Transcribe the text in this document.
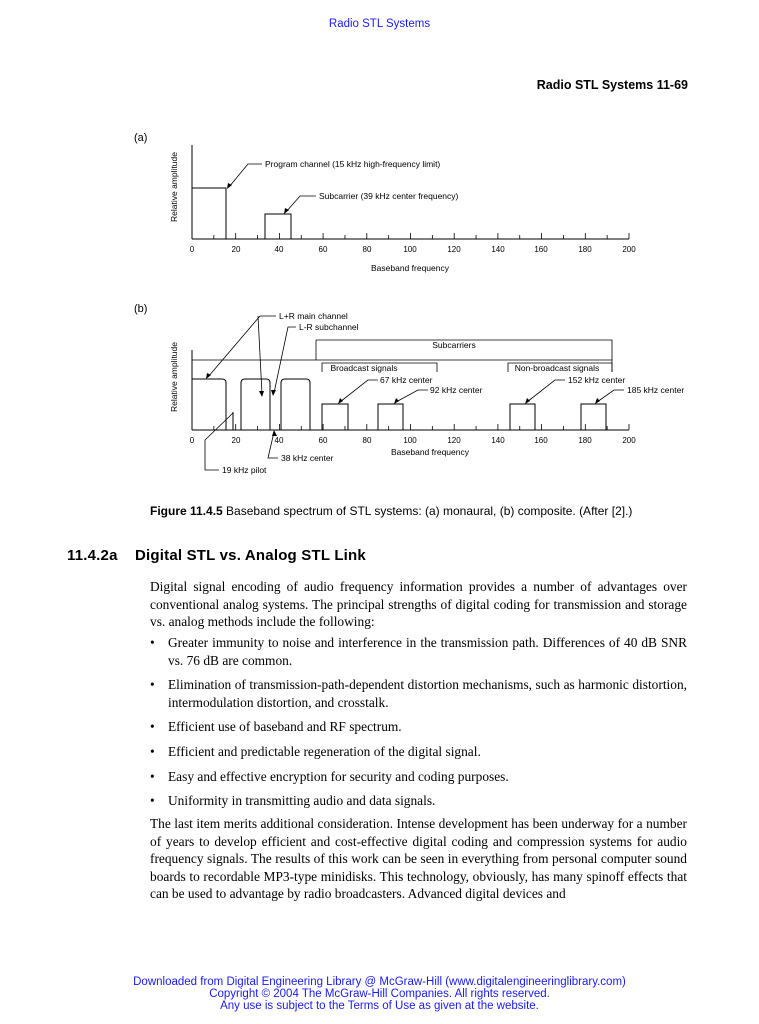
Radio STL Systems
Radio STL Systems 11-69
(a)
Relative amplitude
0	20	40	60	80	100	120	140	160	180	200
Baseband frequency
Program channel (15 kHz high-frequency limit)
Subcarrier (39 kHz center frequency)
(b)
Relative amplitude	Subcarriers
Broadcast signals	Non-broadcast signals
0	20	40	60	80	100	120	140	160	180	200
Baseband frequency
L+R main channel
L-R subchannel
67 kHz center
92 kHz center
152 kHz center
185 kHz center
38 kHz center
19 kHz pilot
Figure 11.4.5 Baseband spectrum of STL systems: (a) monaural, (b) composite. (After [2].)
11.4.2a Digital STL vs. Analog STL Link
Digital signal encoding of audio frequency information provides a number of advantages over conventional analog systems. The principal strengths of digital coding for transmission and storage vs. analog methods include the following:
• Greater immunity to noise and interference in the transmission path. Differences of 40 dB SNR vs. 76 dB are common.
• Elimination of transmission-path-dependent distortion mechanisms, such as harmonic distortion, intermodulation distortion, and crosstalk.
• Efficient use of baseband and RF spectrum.
• Efficient and predictable regeneration of the digital signal.
• Easy and effective encryption for security and coding purposes.
• Uniformity in transmitting audio and data signals.
The last item merits additional consideration. Intense development has been underway for a number of years to develop efficient and cost-effective digital coding and compression systems for audio frequency signals. The results of this work can be seen in everything from personal computer sound boards to recordable MP3-type minidisks. This technology, obviously, has many spinoff effects that can be used to advantage by radio broadcasters. Advanced digital devices and
Downloaded from Digital Engineering Library @ McGraw-Hill (www.digitalengineeringlibrary.com)
Copyright © 2004 The McGraw-Hill Companies. All rights reserved.
Any use is subject to the Terms of Use as given at the website.
